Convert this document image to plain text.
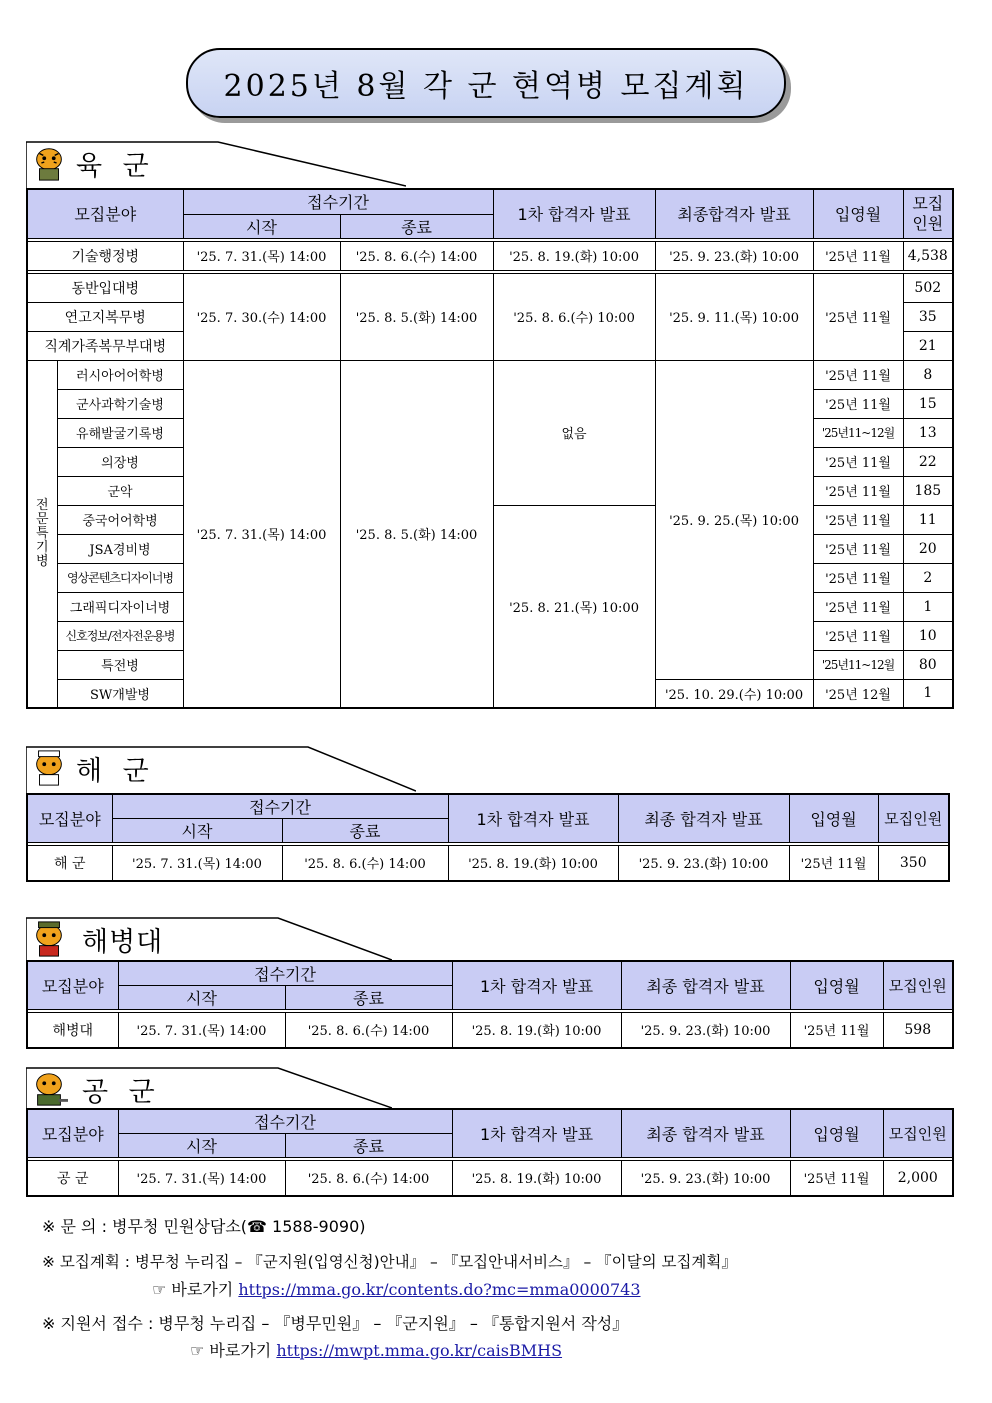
2025년 8월 각 군 현역병 모집계획
육 군
모집분야		접수기간		1차 합격자 발표	최종합격자 발표	입영월	모집
인원
		시작	종료				

기술행정병		'25. 7. 31.(목) 14:00	'25. 8. 6.(수) 14:00	'25. 8. 19.(화) 10:00	'25. 9. 23.(화) 10:00	'25년 11월	4,538

동반입대병		'25. 7. 30.(수) 14:00	'25. 8. 5.(화) 14:00	'25. 8. 6.(수) 10:00	'25. 9. 11.(목) 10:00	'25년 11월	502
연고지복무병							35
직계가족복무부대병							21
전문특기병	러시아어어학병	'25. 7. 31.(목) 14:00	'25. 8. 5.(화) 14:00	없음	'25. 9. 25.(목) 10:00	'25년 11월	8
	군사과학기술병					'25년 11월	15
	유해발굴기록병					'25년11~12월	13
	의장병					'25년 11월	22
	군악					'25년 11월	185
	중국어어학병			'25. 8. 21.(목) 10:00		'25년 11월	11
	JSA경비병					'25년 11월	20
	영상콘텐츠디자이너병					'25년 11월	2
	그래픽디자이너병					'25년 11월	1
	신호정보/전자전운용병					'25년 11월	10
	특전병					'25년11~12월	80
	SW개발병				'25. 10. 29.(수) 10:00	'25년 12월	1
해 군
모집분야	접수기간		1차 합격자 발표	최종 합격자 발표	입영월	모집인원
	시작	종료				

해 군	'25. 7. 31.(목) 14:00	'25. 8. 6.(수) 14:00	'25. 8. 19.(화) 10:00	'25. 9. 23.(화) 10:00	'25년 11월	350
해병대
모집분야	접수기간		1차 합격자 발표	최종 합격자 발표	입영월	모집인원
	시작	종료				

해병대	'25. 7. 31.(목) 14:00	'25. 8. 6.(수) 14:00	'25. 8. 19.(화) 10:00	'25. 9. 23.(화) 10:00	'25년 11월	598
공 군
모집분야	접수기간		1차 합격자 발표	최종 합격자 발표	입영월	모집인원
	시작	종료				

공 군	'25. 7. 31.(목) 14:00	'25. 8. 6.(수) 14:00	'25. 8. 19.(화) 10:00	'25. 9. 23.(화) 10:00	'25년 11월	2,000
※ 문 의 : 병무청 민원상담소(☎ 1588-9090)
※ 모집계획 : 병무청 누리집 – 『군지원(입영신청)안내』 – 『모집안내서비스』 – 『이달의 모집계획』
☞ 바로가기 https://mma.go.kr/contents.do?mc=mma0000743
※ 지원서 접수 : 병무청 누리집 – 『병무민원』 – 『군지원』 – 『통합지원서 작성』
☞ 바로가기 https://mwpt.mma.go.kr/caisBMHS
